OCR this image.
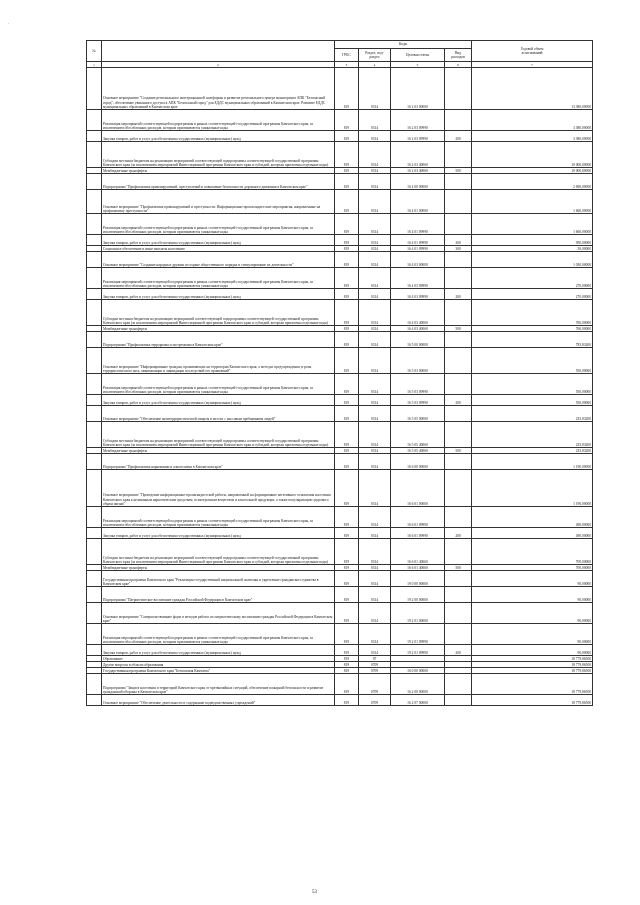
'
№		Коды				Годовой объем
ассигнований
		ГРБС	Раздел, под-
раздел	Целевая статья	Вид
расходов	
1	2	3	4	5	6	7
	Основное мероприятие "Создание регионального интеграционной платформы и развитие регионального центра мониторинга АПК "Безопасный город", обеспечение увязанного доступа к АПК "Безопасный город" для ЕДДС муниципальных образований в Камчатском крае. Развитие ЕДДС муниципальных образований в Камчатском крае	819	0314	16 2 03 00000		13 380,00000
	Реализация мероприятий соответствующей подпрограммы в рамках соответствующей государственной программы Камчатского края, за исключением обособленных расходов, которым присваиваются уникальные коды	819	0314	16 2 03 09990		3 380,00000
	Закупка товаров, работ и услуг для обеспечения государственных (муниципальных) нужд	819	0314	16 2 03 09990	200	3 380,00000
	Субсидии местным бюджетам на реализацию мероприятий соответствующей подпрограммы соответствующей государственной программы Камчатского края (за исключением мероприятий Инвестиционной программы Камчатского края и субсидий, которым присвоены отдельные коды)	819	0314	16 2 03 40060		10 000,00000
	Межбюджетные трансферты	819	0314	16 2 03 40060	500	10 000,00000
	Подпрограмма "Профилактика правонарушений, преступлений и повышение безопасности дорожного движения в Камчатском крае"	819	0314	16 4 00 00000		2 690,00000
	Основное мероприятие "Профилактика правонарушений и преступности. Информационно-пропагандистские мероприятия, направленные на профилактику преступности"	819	0314	16 4 01 00000		1 660,00000
	Реализация мероприятий соответствующей подпрограммы в рамках соответствующей государственной программы Камчатского края, за исключением обособленных расходов, которым присваиваются уникальные коды	819	0314	16 4 01 09990		1 660,00000
	Закупка товаров, работ и услуг для обеспечения государственных (муниципальных) нужд	819	0314	16 4 01 09990	200	950,00000
	Социальное обеспечение и иные выплаты населению	819	0314	16 4 01 09990	300	50,00000
	Основное мероприятие "Создание народных дружин по охране общественного порядка и стимулирование их деятельности"	819	0314	16 4 03 00000		1 030,00000
	Реализация мероприятий соответствующей подпрограммы в рамках соответствующей государственной программы Камчатского края, за исключением обособленных расходов, которым присваиваются уникальные коды	819	0314	16 4 03 09990		270,00000
	Закупка товаров, работ и услуг для обеспечения государственных (муниципальных) нужд	819	0314	16 4 03 09990	200	270,00000
	Субсидии местным бюджетам на реализацию мероприятий соответствующей подпрограммы соответствующей государственной программы Камчатского края (за исключением мероприятий Инвестиционной программы Камчатского края и субсидий, которым присвоены отдельные коды)	819	0314	16 4 03 40060		760,00000
	Межбюджетные трансферты	819	0314	16 4 03 40060	500	760,00000
	Подпрограмма "Профилактика терроризма и экстремизма в Камчатском крае"	819	0314	16 5 00 00000		785,83200
	Основное мероприятие "Информирование граждан, проживающих на территории Камчатского края, о методах предупреждения угрозы террористического акта, минимизации и ликвидации последствий его проявлений"	819	0314	16 5 03 00000		550,00000
	Реализация мероприятий соответствующей подпрограммы в рамках соответствующей государственной программы Камчатского края, за исключением обособленных расходов, которым присваиваются уникальные коды	819	0314	16 5 03 09990		550,00000
	Закупка товаров, работ и услуг для обеспечения государственных (муниципальных) нужд	819	0314	16 5 03 09990	200	550,00000
	Основное мероприятие "Обеспечение антитеррористической защиты в местах с массовым пребыванием людей"	819	0314	16 5 05 00000		235,83200
	Субсидии местным бюджетам на реализацию мероприятий соответствующей подпрограммы соответствующей государственной программы Камчатского края (за исключением мероприятий Инвестиционной программы Камчатского края и субсидий, которым присвоены отдельные коды)	819	0314	16 5 05 40060		235,83200
	Межбюджетные трансферты	819	0314	16 5 05 40060	500	235,83200
	Подпрограмма "Профилактика наркомании и алкоголизма в Камчатском крае"	819	0314	16 6 00 00000		1 190,00000
	Основное мероприятие "Проведение информационно-пропагандистской работы, направленной на формирование негативного отношения населения Камчатского края к незаконным наркотическим средствам, психотропным веществам и алкогольной продукции, а также популяризацию здорового образа жизни"	819	0314	16 6 01 00000		1 190,00000
	Реализация мероприятий соответствующей подпрограммы в рамках соответствующей государственной программы Камчатского края, за исключением обособленных расходов, которым присваиваются уникальные коды	819	0314	16 6 01 09990		490,00000
	Закупка товаров, работ и услуг для обеспечения государственных (муниципальных) нужд	819	0314	16 6 01 09990	200	490,00000
	Субсидии местным бюджетам на реализацию мероприятий соответствующей подпрограммы соответствующей государственной программы Камчатского края (за исключением мероприятий Инвестиционной программы Камчатского края и субсидий, которым присвоены отдельные коды)	819	0314	16 6 01 40060		700,00000
	Межбюджетные трансферты	819	0314	16 6 01 40060	500	700,00000
	Государственная программа Камчатского края "Реализация государственной национальной политики и укрепление гражданского единства в Камчатском крае"	819	0314	19 0 00 00000		90,00000
	Подпрограмма "Патриотическое воспитание граждан Российской Федерации в Камчатском крае"	819	0314	19 2 00 00000		90,00000
	Основное мероприятие "Совершенствование форм и методов работы по патриотическому воспитанию граждан Российской Федерации в Камчатском крае"	819	0314	19 2 01 00000		90,00000
	Реализация мероприятий соответствующей подпрограммы в рамках соответствующей государственной программы Камчатского края, за исключением обособленных расходов, которым присваиваются уникальные коды	819	0314	19 2 01 09990		90,00000
	Закупка товаров, работ и услуг для обеспечения государственных (муниципальных) нужд	819	0314	19 2 01 09990	200	90,00000
	Образование	819	07			18 779,86500
	Другие вопросы в области образования	819	0709			18 779,86500
	Государственная программа Камчатского края "Безопасная Камчатка"	819	0709	16 0 00 00000		18 779,86500
	Подпрограмма "Защита населения и территорий Камчатского края от чрезвычайных ситуаций, обеспечение пожарной безопасности и развитие гражданской обороны в Камчатском крае"	819	0709	16 2 00 00000		18 779,86500
	Основное мероприятие "Обеспечение деятельности и содержание подведомственных учреждений"	819	0709	16 2 07 00000		18 779,86500
53
